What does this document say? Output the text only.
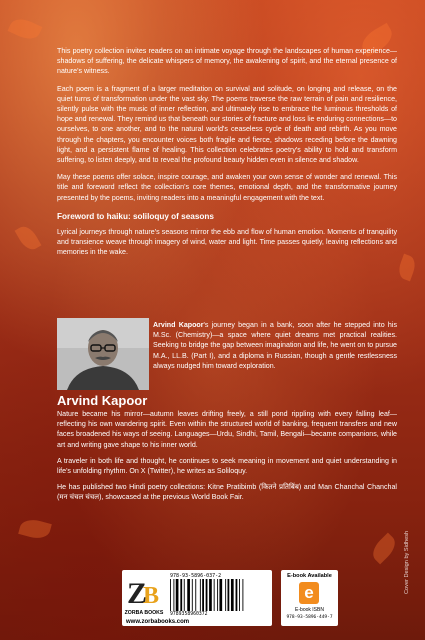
This poetry collection invites readers on an intimate voyage through the landscapes of human experience—shadows of suffering, the delicate whispers of memory, the awakening of spirit, and the eternal presence of nature's witness.

Each poem is a fragment of a larger meditation on survival and solitude, on longing and release, on the quiet turns of transformation under the vast sky. The poems traverse the raw terrain of pain and resilience, silently pulse with the music of inner reflection, and ultimately rise to embrace the luminous thresholds of hope and renewal. They remind us that beneath our stories of fracture and loss lie enduring connections—to ourselves, to one another, and to the natural world's ceaseless cycle of death and rebirth. As you move through the chapters, you encounter voices both fragile and fierce, shadows receding before the dawning light, and a persistent flame of healing. This collection celebrates poetry's ability to hold and transform suffering, to listen deeply, and to reveal the profound beauty hidden even in silence and shadow.

May these poems offer solace, inspire courage, and awaken your own sense of wonder and renewal. This title and foreword reflect the collection's core themes, emotional depth, and the transformative journey presented by the poems, inviting readers into a meaningful engagement with the text.

Foreword to haiku: soliloquy of seasons

Lyrical journeys through nature's seasons mirror the ebb and flow of human emotion. Moments of tranquility and transience weave through imagery of wind, water and light. Time passes quietly, leaving reflections and memories in the wake.

Arvind Kapoor

Arvind Kapoor's journey began in a bank, soon after he stepped into his M.Sc. (Chemistry)—a space where quiet dreams met practical realities. Seeking to bridge the gap between imagination and life, he went on to pursue M.A., LL.B. (Part I), and a diploma in Russian, though a gentle restlessness always nudged him toward exploration.

Nature became his mirror—autumn leaves drifting freely, a still pond rippling with every falling leaf—reflecting his own wandering spirit. Even within the structured world of banking, frequent transfers and new faces broadened his ways of seeing. Languages—Urdu, Sindhi, Tamil, Bengali—became companions, while art and writing gave shape to his inner world.

A traveler in both life and thought, he continues to seek meaning in movement and quiet understanding in life's unfolding rhythm. On X (Twitter), he writes as Soliloquy.

He has published two Hindi poetry collections: Kitne Pratibimb (कितने प्रतिबिंब) and Man Chanchal Chanchal (मन चंचल चंचल), showcased at the previous World Book Fair.

Z
B
ZORBA BOOKS
978-93-5896-037-2
9789358960372
www.zorbabooks.com
E-book Available
e
E-book ISBN
978-93-5896-449-7
Cover Design by Sidhesh
